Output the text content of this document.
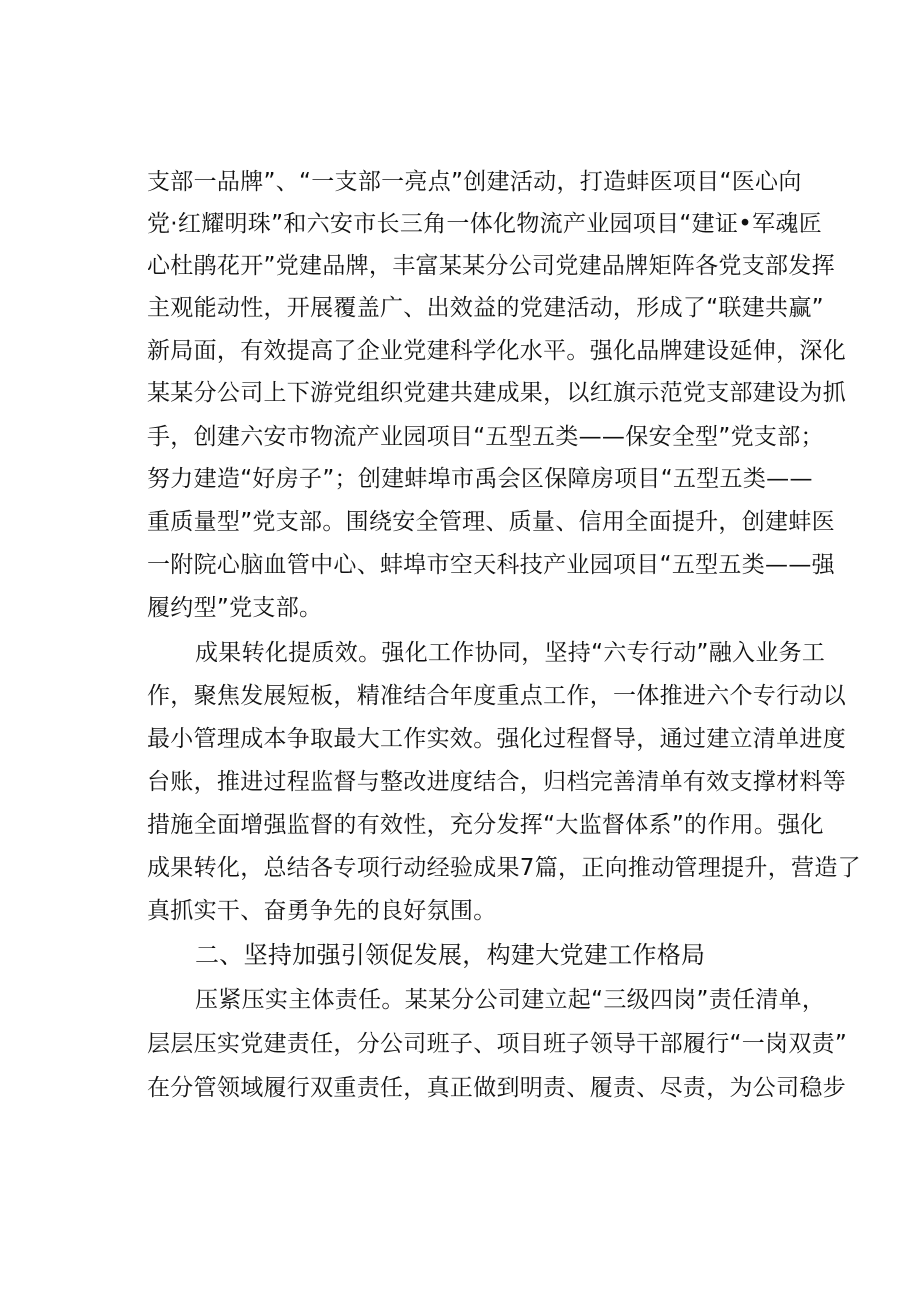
支部一品牌”、“一支部一亮点”创建活动，打造蚌医项目“医心向
党·红耀明珠”和六安市长三角一体化物流产业园项目“建证•军魂匠
心杜鹃花开”党建品牌，丰富某某分公司党建品牌矩阵各党支部发挥
主观能动性，开展覆盖广、出效益的党建活动，形成了“联建共赢”
新局面，有效提高了企业党建科学化水平。强化品牌建设延伸，深化
某某分公司上下游党组织党建共建成果，以红旗示范党支部建设为抓
手，创建六安市物流产业园项目“五型五类——保安全型”党支部；
努力建造“好房子”；创建蚌埠市禹会区保障房项目“五型五类——
重质量型”党支部。围绕安全管理、质量、信用全面提升，创建蚌医
一附院心脑血管中心、蚌埠市空天科技产业园项目“五型五类——强
履约型”党支部。
成果转化提质效。强化工作协同，坚持“六专行动”融入业务工
作，聚焦发展短板，精准结合年度重点工作，一体推进六个专行动以
最小管理成本争取最大工作实效。强化过程督导，通过建立清单进度
台账，推进过程监督与整改进度结合，归档完善清单有效支撑材料等
措施全面增强监督的有效性，充分发挥“大监督体系”的作用。强化
成果转化，总结各专项行动经验成果7篇，正向推动管理提升，营造了
真抓实干、奋勇争先的良好氛围。
二、坚持加强引领促发展，构建大党建工作格局
压紧压实主体责任。某某分公司建立起“三级四岗”责任清单，
层层压实党建责任，分公司班子、项目班子领导干部履行“一岗双责”
在分管领域履行双重责任，真正做到明责、履责、尽责，为公司稳步
